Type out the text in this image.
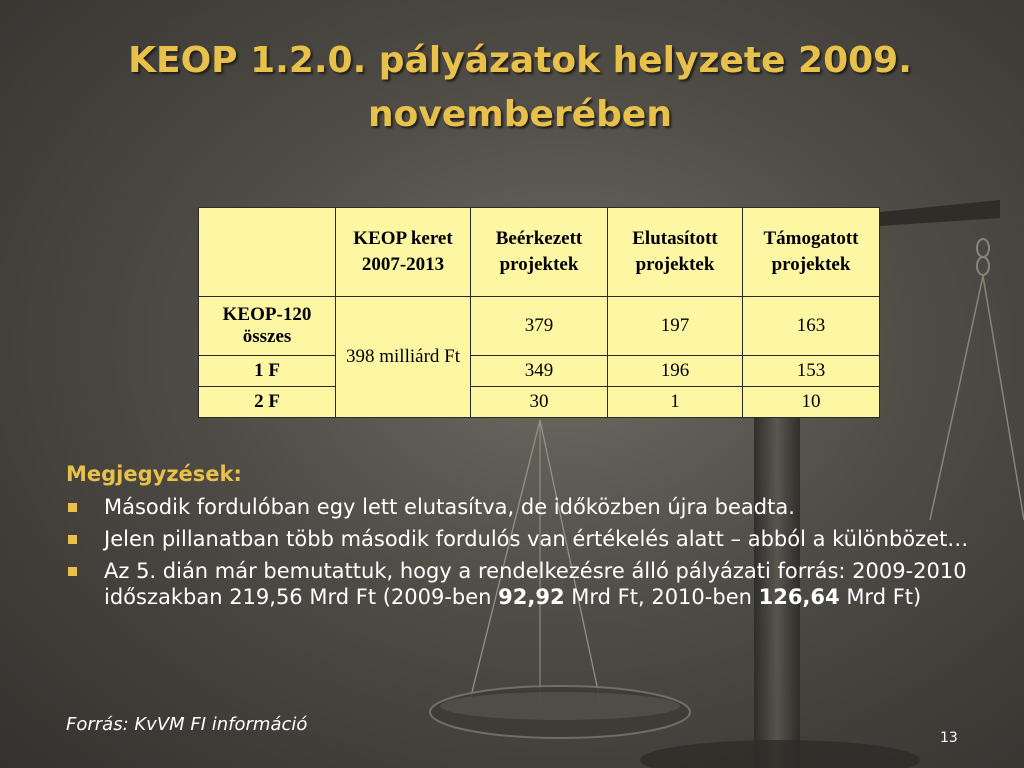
KEOP 1.2.0. pályázatok helyzete 2009.
novemberében
	KEOP keret 2007-2013	Beérkezett projektek	Elutasított projektek	Támogatott projektek
KEOP-120 összes	398 milliárd Ft	379	197	163
1 F		349	196	153
2 F		30	1	10
Megjegyzések:
Második fordulóban egy lett elutasítva, de időközben újra beadta.
Jelen pillanatban több második fordulós van értékelés alatt – abból a különbözet…
Az 5. dián már bemutattuk, hogy a rendelkezésre álló pályázati forrás: 2009-2010 időszakban 219,56 Mrd Ft (2009-ben 92,92 Mrd Ft, 2010-ben 126,64 Mrd Ft)
Forrás: KvVM FI információ
13
